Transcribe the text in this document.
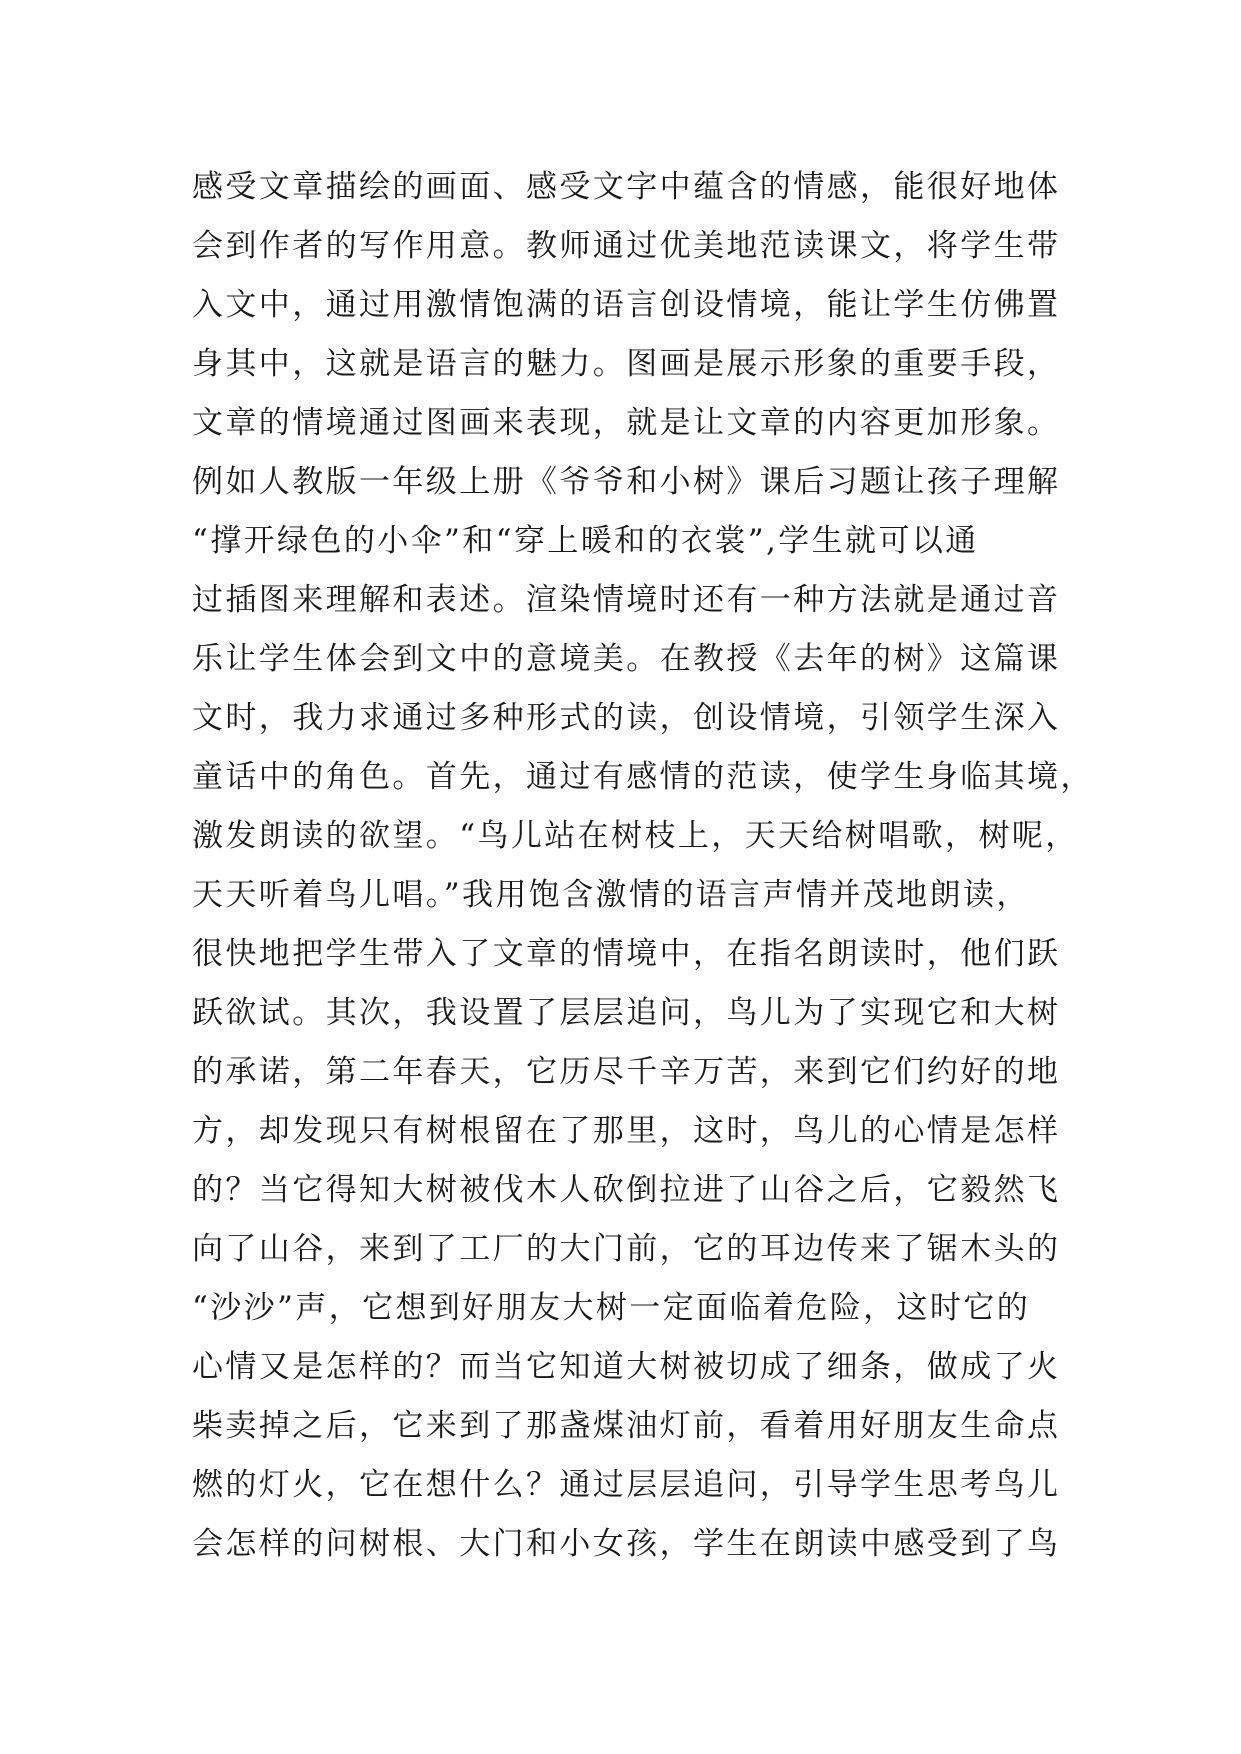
感受文章描绘的画面、感受文字中蕴含的情感，能很好地体
会到作者的写作用意。教师通过优美地范读课文，将学生带
入文中，通过用激情饱满的语言创设情境，能让学生仿佛置
身其中，这就是语言的魅力。图画是展示形象的重要手段，
文章的情境通过图画来表现，就是让文章的内容更加形象。
例如人教版一年级上册《爷爷和小树》课后习题让孩子理解
“撑开绿色的小伞”和“穿上暖和的衣裳”,学生就可以通
过插图来理解和表述。渲染情境时还有一种方法就是通过音
乐让学生体会到文中的意境美。在教授《去年的树》这篇课
文时，我力求通过多种形式的读，创设情境，引领学生深入
童话中的角色。首先，通过有感情的范读，使学生身临其境，
激发朗读的欲望。“鸟儿站在树枝上，天天给树唱歌，树呢，
天天听着鸟儿唱。”我用饱含激情的语言声情并茂地朗读，
很快地把学生带入了文章的情境中，在指名朗读时，他们跃
跃欲试。其次，我设置了层层追问，鸟儿为了实现它和大树
的承诺，第二年春天，它历尽千辛万苦，来到它们约好的地
方，却发现只有树根留在了那里，这时，鸟儿的心情是怎样
的？当它得知大树被伐木人砍倒拉进了山谷之后，它毅然飞
向了山谷，来到了工厂的大门前，它的耳边传来了锯木头的
“沙沙”声，它想到好朋友大树一定面临着危险，这时它的
心情又是怎样的？而当它知道大树被切成了细条，做成了火
柴卖掉之后，它来到了那盏煤油灯前，看着用好朋友生命点
燃的灯火，它在想什么？通过层层追问，引导学生思考鸟儿
会怎样的问树根、大门和小女孩，学生在朗读中感受到了鸟
